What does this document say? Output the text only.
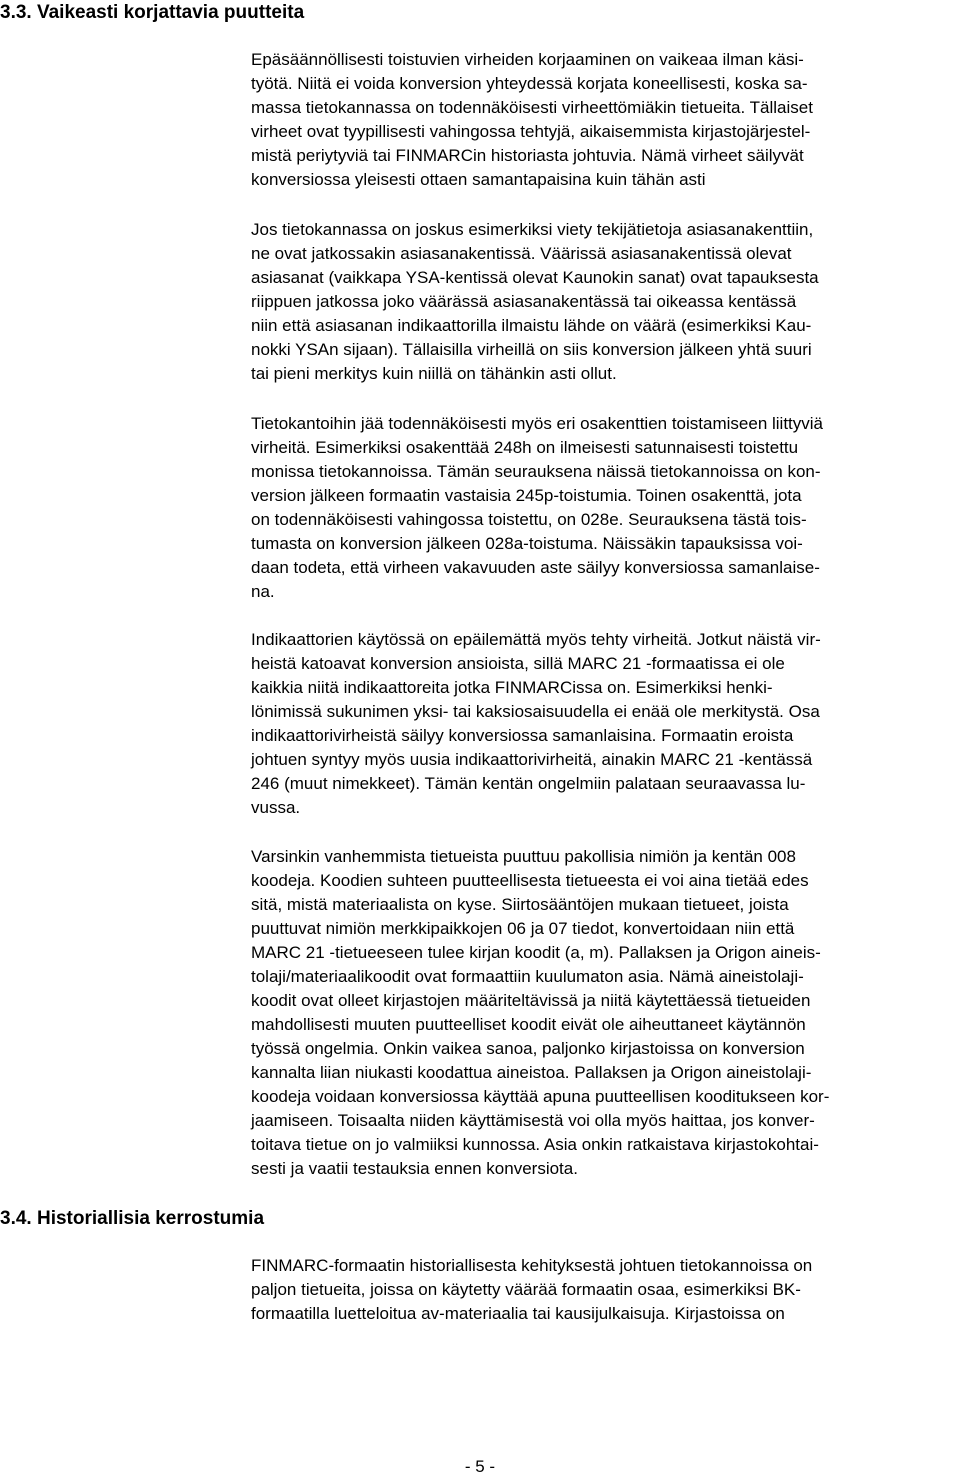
3.3. Vaikeasti korjattavia puutteita

Epäsäännöllisesti toistuvien virheiden korjaaminen on vaikeaa ilman käsi-
työtä. Niitä ei voida konversion yhteydessä korjata koneellisesti, koska sa-
massa tietokannassa on todennäköisesti virheettömiäkin tietueita. Tällaiset
virheet ovat tyypillisesti vahingossa tehtyjä, aikaisemmista kirjastojärjestel-
mistä periytyviä tai FINMARCin historiasta johtuvia. Nämä virheet säilyvät
konversiossa yleisesti ottaen samantapaisina kuin tähän asti

Jos tietokannassa on joskus esimerkiksi viety tekijätietoja asiasanakenttiin,
ne ovat jatkossakin asiasanakentissä. Väärissä asiasanakentissä olevat
asiasanat (vaikkapa YSA-kentissä olevat Kaunokin sanat) ovat tapauksesta
riippuen jatkossa joko väärässä asiasanakentässä tai oikeassa kentässä
niin että asiasanan indikaattorilla ilmaistu lähde on väärä (esimerkiksi Kau-
nokki YSAn sijaan). Tällaisilla virheillä on siis konversion jälkeen yhtä suuri
tai pieni merkitys kuin niillä on tähänkin asti ollut.

Tietokantoihin jää todennäköisesti myös eri osakenttien toistamiseen liittyviä
virheitä. Esimerkiksi osakenttää 248h on ilmeisesti satunnaisesti toistettu
monissa tietokannoissa. Tämän seurauksena näissä tietokannoissa on kon-
version jälkeen formaatin vastaisia 245p-toistumia. Toinen osakenttä, jota
on todennäköisesti vahingossa toistettu, on 028e. Seurauksena tästä tois-
tumasta on konversion jälkeen 028a-toistuma. Näissäkin tapauksissa voi-
daan todeta, että virheen vakavuuden aste säilyy konversiossa samanlaise-
na.

Indikaattorien käytössä on epäilemättä myös tehty virheitä. Jotkut näistä vir-
heistä katoavat konversion ansioista, sillä MARC 21 -formaatissa ei ole
kaikkia niitä indikaattoreita jotka FINMARCissa on. Esimerkiksi henki-
lönimissä sukunimen yksi- tai kaksiosaisuudella ei enää ole merkitystä. Osa
indikaattorivirheistä säilyy konversiossa samanlaisina. Formaatin eroista
johtuen syntyy myös uusia indikaattorivirheitä, ainakin MARC 21 -kentässä
246 (muut nimekkeet). Tämän kentän ongelmiin palataan seuraavassa lu-
vussa.

Varsinkin vanhemmista tietueista puuttuu pakollisia nimiön ja kentän 008
koodeja. Koodien suhteen puutteellisesta tietueesta ei voi aina tietää edes
sitä, mistä materiaalista on kyse. Siirtosääntöjen mukaan tietueet, joista
puuttuvat nimiön merkkipaikkojen 06 ja 07 tiedot, konvertoidaan niin että
MARC 21 -tietueeseen tulee kirjan koodit (a, m). Pallaksen ja Origon aineis-
tolaji/materiaalikoodit ovat formaattiin kuulumaton asia. Nämä aineistolaji-
koodit ovat olleet kirjastojen määriteltävissä ja niitä käytettäessä tietueiden
mahdollisesti muuten puutteelliset koodit eivät ole aiheuttaneet käytännön
työssä ongelmia. Onkin vaikea sanoa, paljonko kirjastoissa on konversion
kannalta liian niukasti koodattua aineistoa. Pallaksen ja Origon aineistolaji-
koodeja voidaan konversiossa käyttää apuna puutteellisen kooditukseen kor-
jaamiseen. Toisaalta niiden käyttämisestä voi olla myös haittaa, jos konver-
toitava tietue on jo valmiiksi kunnossa. Asia onkin ratkaistava kirjastokohtai-
sesti ja vaatii testauksia ennen konversiota.

3.4. Historiallisia kerrostumia

FINMARC-formaatin historiallisesta kehityksestä johtuen tietokannoissa on
paljon tietueita, joissa on käytetty väärää formaatin osaa, esimerkiksi BK-
formaatilla luetteloitua av-materiaalia tai kausijulkaisuja. Kirjastoissa on

- 5 -
